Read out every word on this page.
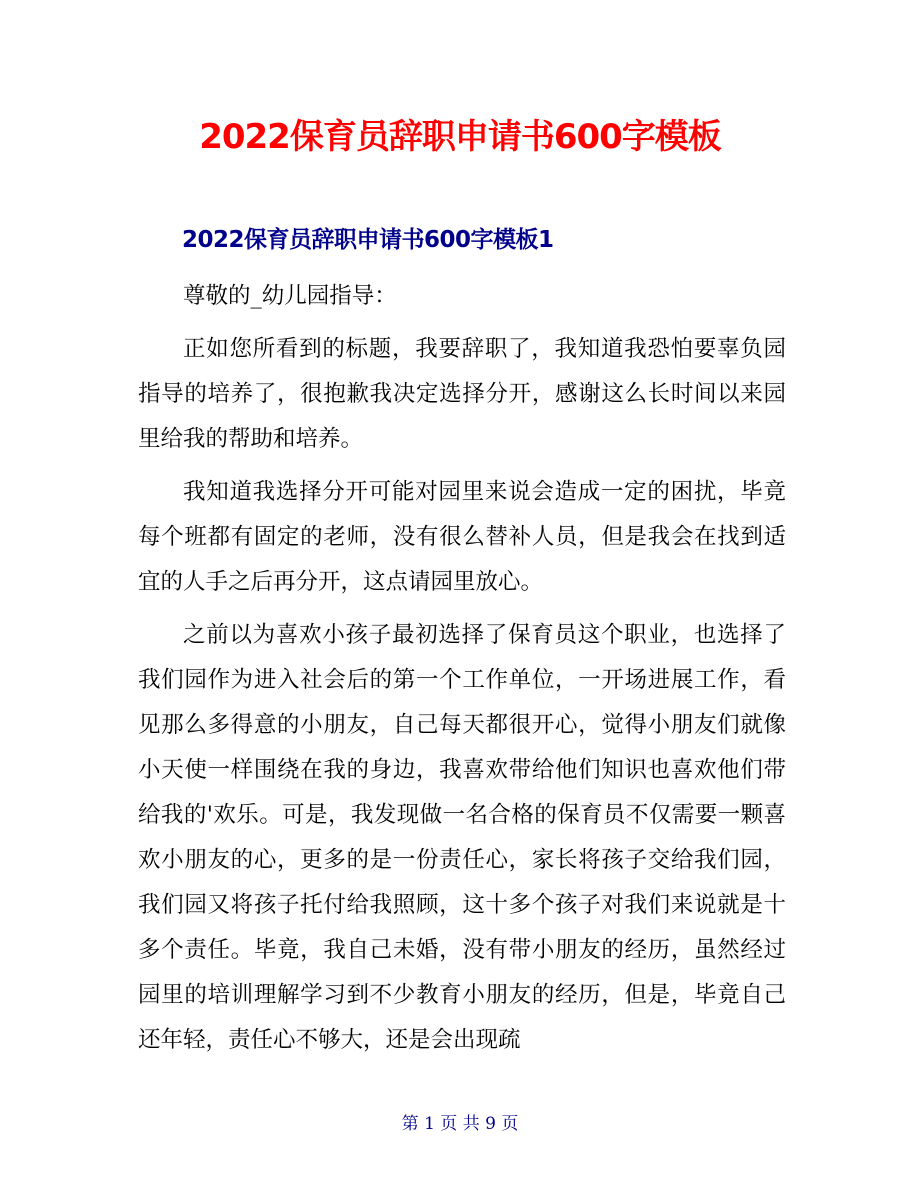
2022保育员辞职申请书600字模板
2022保育员辞职申请书600字模板1

尊敬的_幼儿园指导：

正如您所看到的标题，我要辞职了，我知道我恐怕要辜负园指导的培养了，很抱歉我决定选择分开，感谢这么长时间以来园里给我的帮助和培养。

我知道我选择分开可能对园里来说会造成一定的困扰，毕竟每个班都有固定的老师，没有很么替补人员，但是我会在找到适宜的人手之后再分开，这点请园里放心。

之前以为喜欢小孩子最初选择了保育员这个职业，也选择了我们园作为进入社会后的第一个工作单位，一开场进展工作，看见那么多得意的小朋友，自己每天都很开心，觉得小朋友们就像小天使一样围绕在我的身边，我喜欢带给他们知识也喜欢他们带给我的'欢乐。可是，我发现做一名合格的保育员不仅需要一颗喜欢小朋友的心，更多的是一份责任心，家长将孩子交给我们园，我们园又将孩子托付给我照顾，这十多个孩子对我们来说就是十多个责任。毕竟，我自己未婚，没有带小朋友的经历，虽然经过园里的培训理解学习到不少教育小朋友的经历，但是，毕竟自己还年轻，责任心不够大，还是会出现疏

第 1 页 共 9 页
